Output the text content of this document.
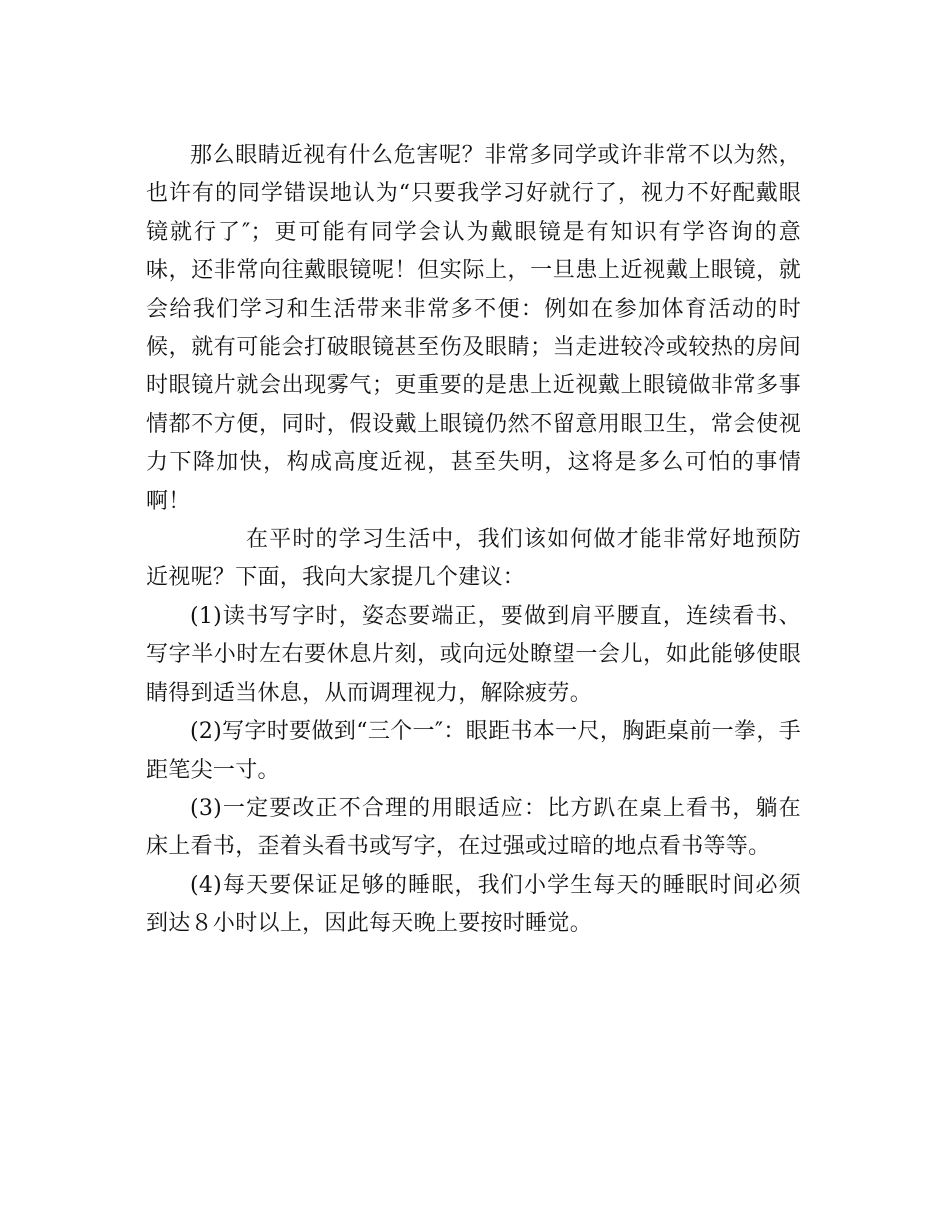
那么眼睛近视有什么危害呢？非常多同学或许非常不以为然，也许有的同学错误地认为“只要我学习好就行了，视力不好配戴眼镜就行了″；更可能有同学会认为戴眼镜是有知识有学咨询的意味，还非常向往戴眼镜呢！但实际上，一旦患上近视戴上眼镜，就会给我们学习和生活带来非常多不便：例如在参加体育活动的时候，就有可能会打破眼镜甚至伤及眼睛；当走进较冷或较热的房间时眼镜片就会出现雾气；更重要的是患上近视戴上眼镜做非常多事情都不方便，同时，假设戴上眼镜仍然不留意用眼卫生，常会使视力下降加快，构成高度近视，甚至失明，这将是多么可怕的事情啊！

在平时的学习生活中，我们该如何做才能非常好地预防近视呢？下面，我向大家提几个建议：

(1)读书写字时，姿态要端正，要做到肩平腰直，连续看书、写字半小时左右要休息片刻，或向远处瞭望一会儿，如此能够使眼睛得到适当休息，从而调理视力，解除疲劳。

(2)写字时要做到“三个一″：眼距书本一尺，胸距桌前一拳，手距笔尖一寸。

(3)一定要改正不合理的用眼适应：比方趴在桌上看书，躺在床上看书，歪着头看书或写字，在过强或过暗的地点看书等等。

(4)每天要保证足够的睡眠，我们小学生每天的睡眠时间必须到达８小时以上，因此每天晚上要按时睡觉。
